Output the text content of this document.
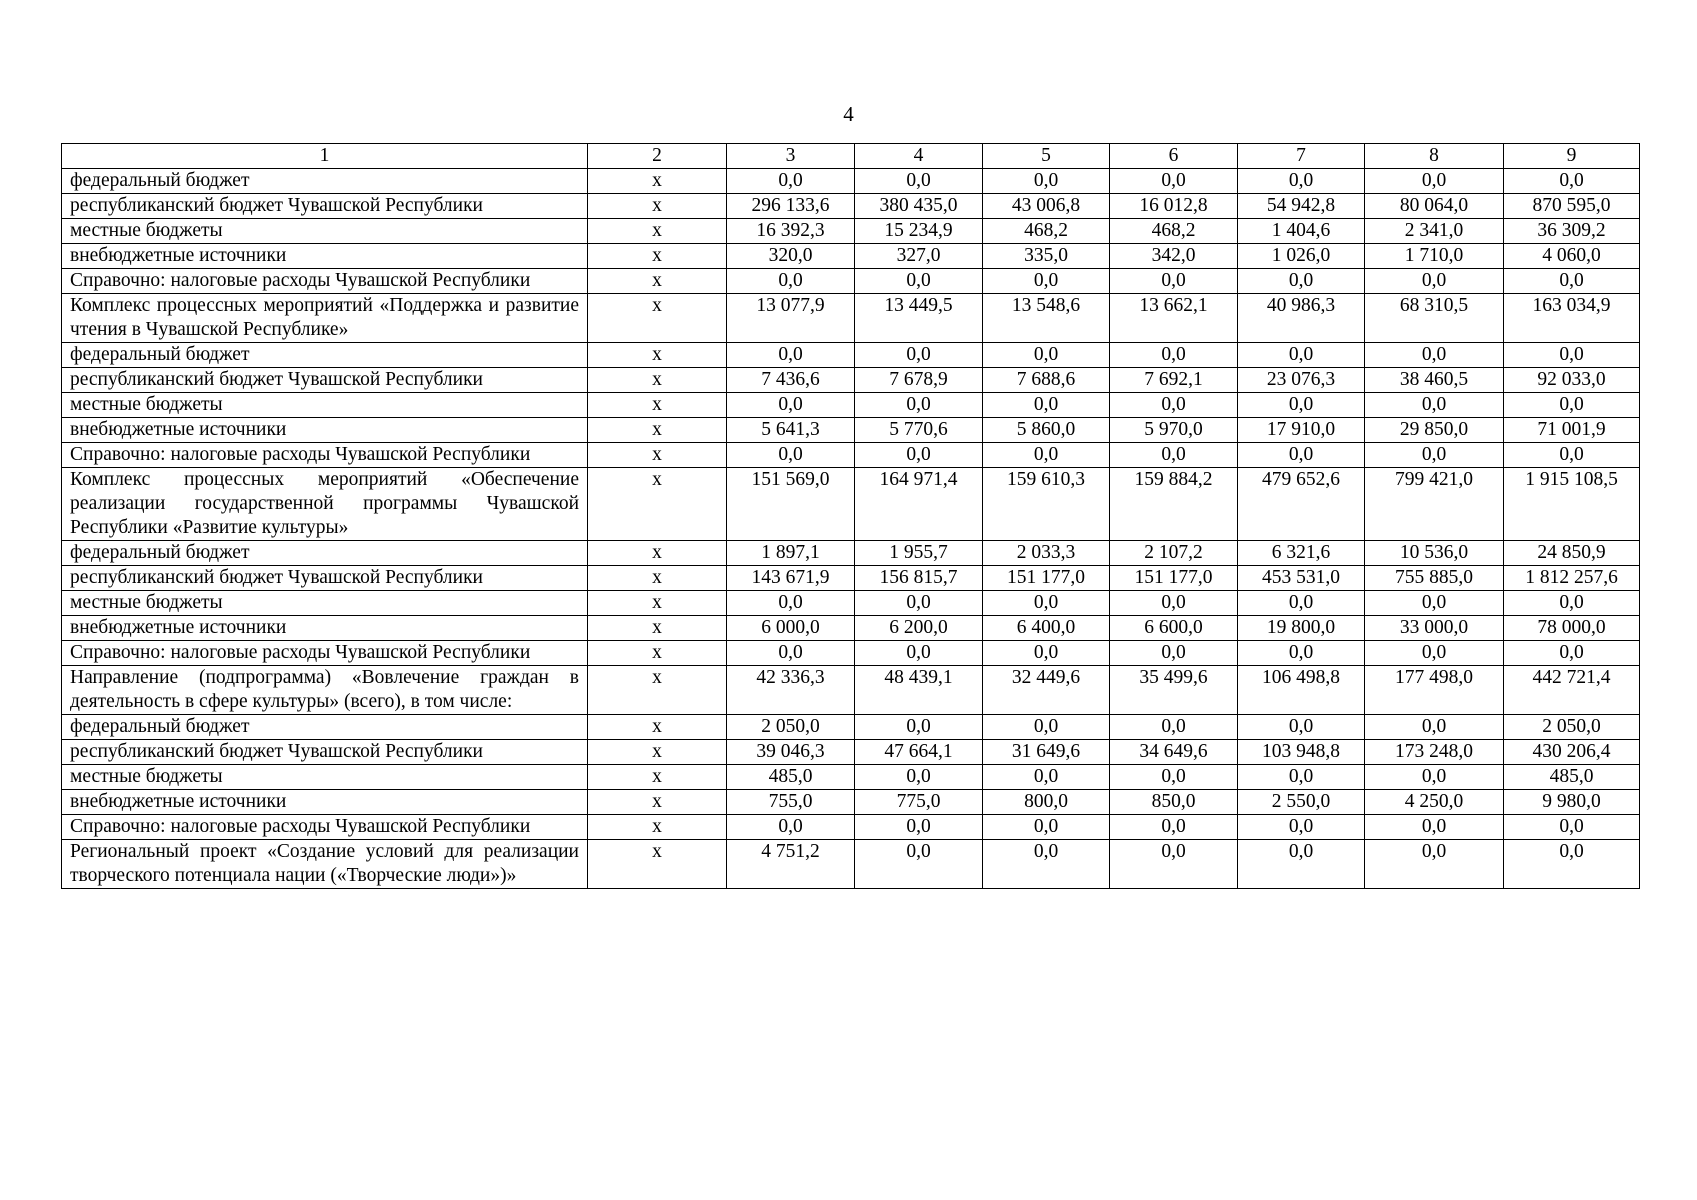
4
1	2	3	4	5	6	7	8	9
федеральный бюджет	х	0,0	0,0	0,0	0,0	0,0	0,0	0,0
республиканский бюджет Чувашской Республики	х	296 133,6	380 435,0	43 006,8	16 012,8	54 942,8	80 064,0	870 595,0
местные бюджеты	х	16 392,3	15 234,9	468,2	468,2	1 404,6	2 341,0	36 309,2
внебюджетные источники	х	320,0	327,0	335,0	342,0	1 026,0	1 710,0	4 060,0
Справочно: налоговые расходы Чувашской Республики	х	0,0	0,0	0,0	0,0	0,0	0,0	0,0
Комплекс процессных мероприятий «Поддержка и развитие чтения в Чувашской Республике»	х	13 077,9	13 449,5	13 548,6	13 662,1	40 986,3	68 310,5	163 034,9
федеральный бюджет	х	0,0	0,0	0,0	0,0	0,0	0,0	0,0
республиканский бюджет Чувашской Республики	х	7 436,6	7 678,9	7 688,6	7 692,1	23 076,3	38 460,5	92 033,0
местные бюджеты	х	0,0	0,0	0,0	0,0	0,0	0,0	0,0
внебюджетные источники	х	5 641,3	5 770,6	5 860,0	5 970,0	17 910,0	29 850,0	71 001,9
Справочно: налоговые расходы Чувашской Республики	х	0,0	0,0	0,0	0,0	0,0	0,0	0,0
Комплекс процессных мероприятий «Обеспечение реализации государственной программы Чувашской Республики «Развитие культуры»	х	151 569,0	164 971,4	159 610,3	159 884,2	479 652,6	799 421,0	1 915 108,5
федеральный бюджет	х	1 897,1	1 955,7	2 033,3	2 107,2	6 321,6	10 536,0	24 850,9
республиканский бюджет Чувашской Республики	х	143 671,9	156 815,7	151 177,0	151 177,0	453 531,0	755 885,0	1 812 257,6
местные бюджеты	х	0,0	0,0	0,0	0,0	0,0	0,0	0,0
внебюджетные источники	х	6 000,0	6 200,0	6 400,0	6 600,0	19 800,0	33 000,0	78 000,0
Справочно: налоговые расходы Чувашской Республики	х	0,0	0,0	0,0	0,0	0,0	0,0	0,0
Направление (подпрограмма) «Вовлечение граждан в деятельность в сфере культуры» (всего), в том числе:	х	42 336,3	48 439,1	32 449,6	35 499,6	106 498,8	177 498,0	442 721,4
федеральный бюджет	х	2 050,0	0,0	0,0	0,0	0,0	0,0	2 050,0
республиканский бюджет Чувашской Республики	х	39 046,3	47 664,1	31 649,6	34 649,6	103 948,8	173 248,0	430 206,4
местные бюджеты	х	485,0	0,0	0,0	0,0	0,0	0,0	485,0
внебюджетные источники	х	755,0	775,0	800,0	850,0	2 550,0	4 250,0	9 980,0
Справочно: налоговые расходы Чувашской Республики	х	0,0	0,0	0,0	0,0	0,0	0,0	0,0
Региональный проект «Создание условий для реализации творческого потенциала нации («Творческие люди»)»	х	4 751,2	0,0	0,0	0,0	0,0	0,0	0,0
